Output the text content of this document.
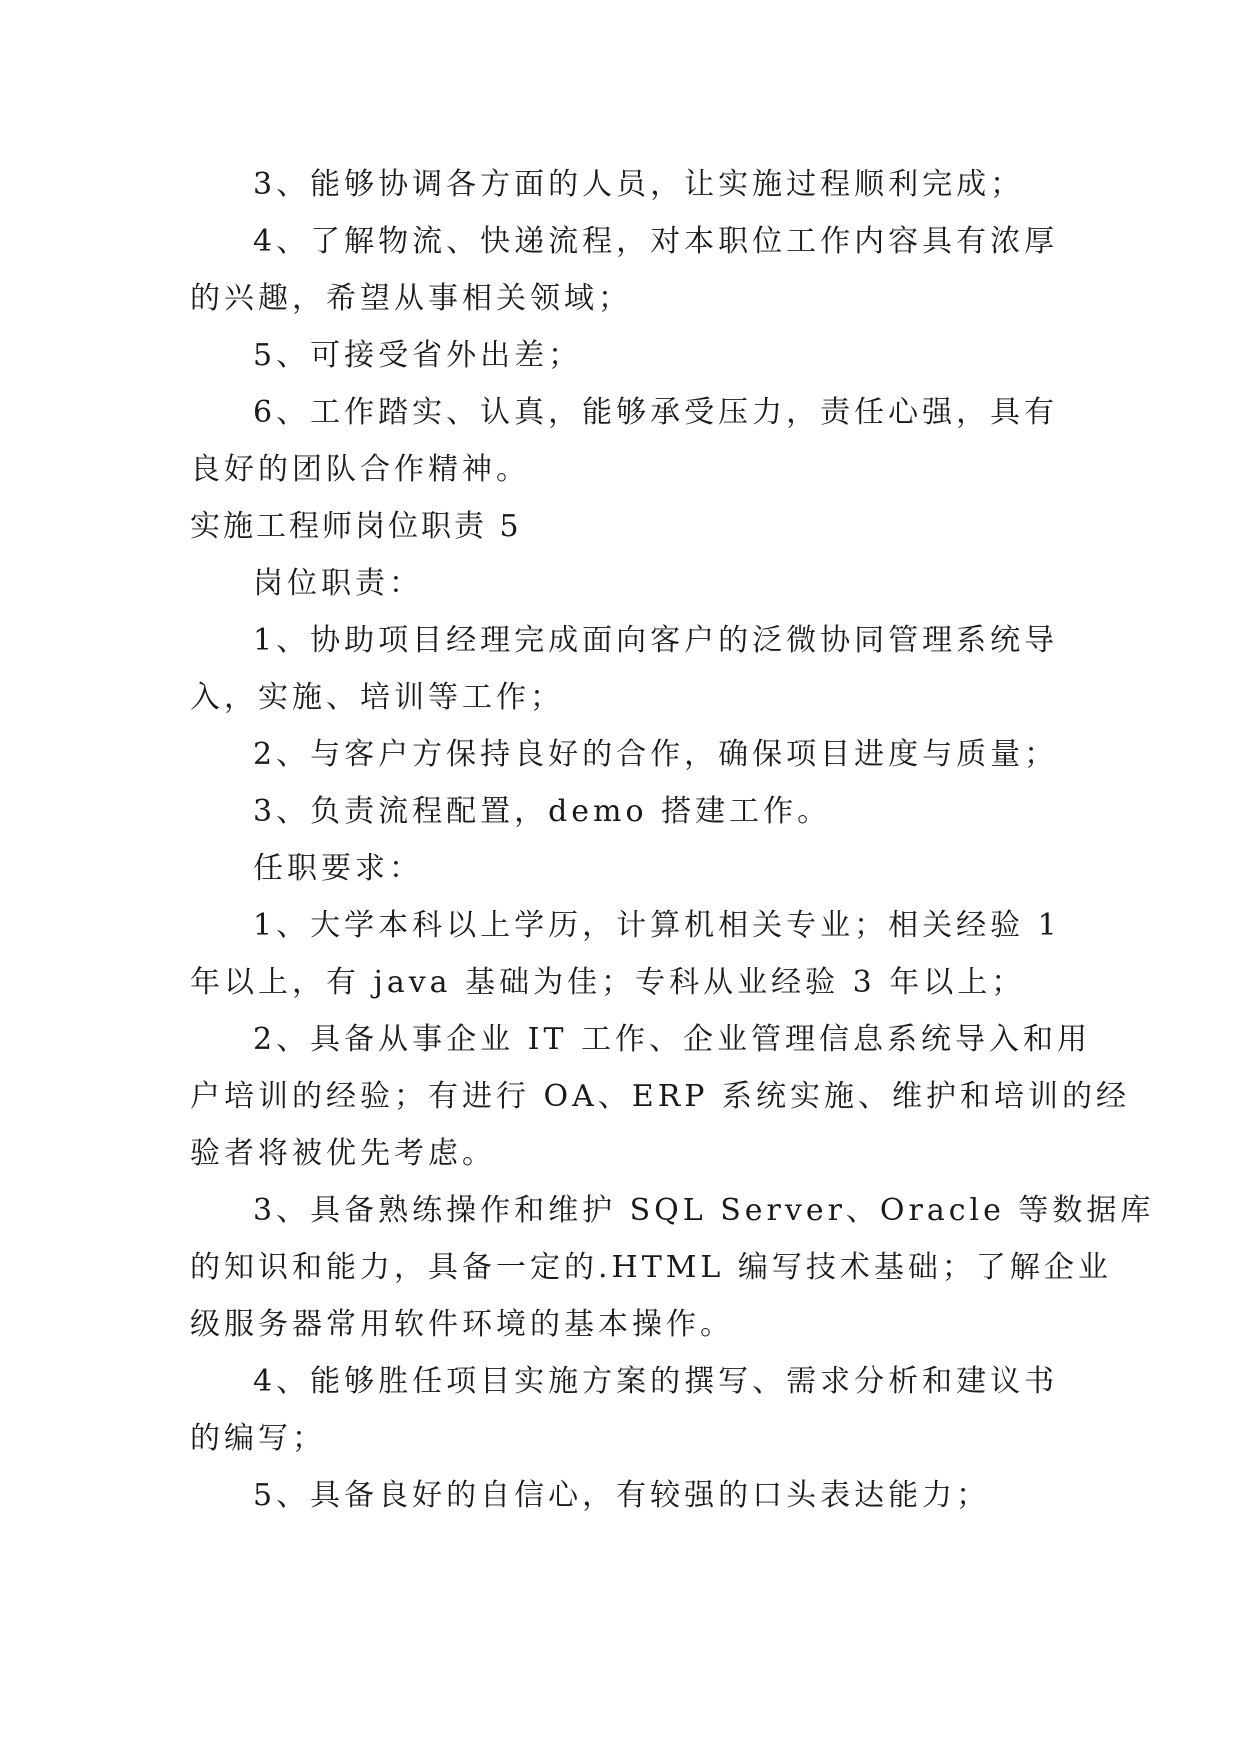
3、能够协调各方面的人员，让实施过程顺利完成；
4、了解物流、快递流程，对本职位工作内容具有浓厚
的兴趣，希望从事相关领域；
5、可接受省外出差；
6、工作踏实、认真，能够承受压力，责任心强，具有
良好的团队合作精神。
实施工程师岗位职责 5
岗位职责：
1、协助项目经理完成面向客户的泛微协同管理系统导
入，实施、培训等工作；
2、与客户方保持良好的合作，确保项目进度与质量；
3、负责流程配置，demo 搭建工作。
任职要求：
1、大学本科以上学历，计算机相关专业；相关经验 1
年以上，有 java 基础为佳；专科从业经验 3 年以上；
2、具备从事企业 IT 工作、企业管理信息系统导入和用
户培训的经验；有进行 OA、ERP 系统实施、维护和培训的经
验者将被优先考虑。
3、具备熟练操作和维护 SQL Server、Oracle 等数据库
的知识和能力，具备一定的.HTML 编写技术基础；了解企业
级服务器常用软件环境的基本操作。
4、能够胜任项目实施方案的撰写、需求分析和建议书
的编写；
5、具备良好的自信心，有较强的口头表达能力；
